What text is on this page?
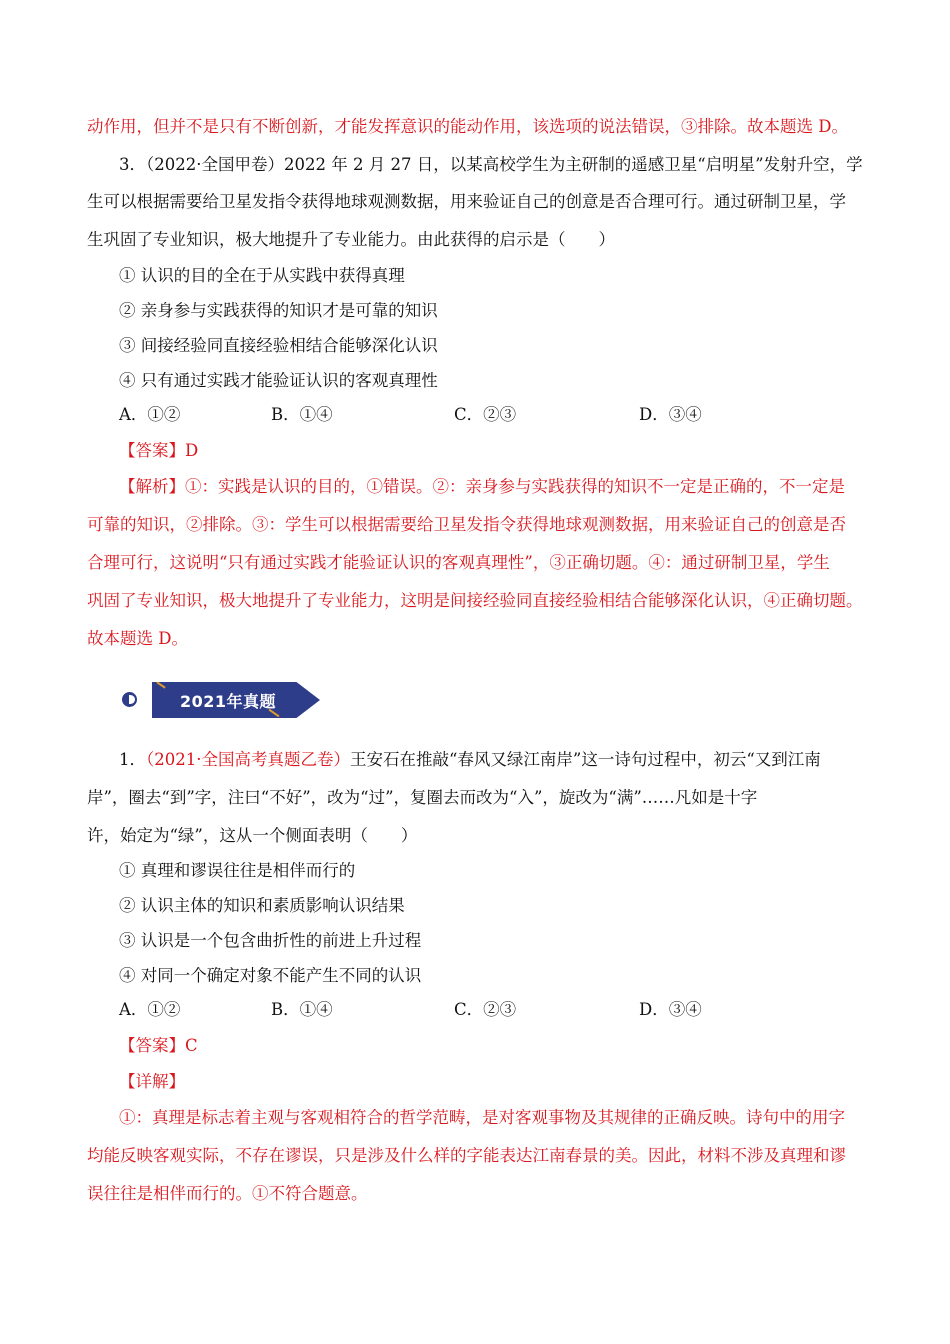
动作用，但并不是只有不断创新，才能发挥意识的能动作用，该选项的说法错误，③排除。故本题选 D。
3．（2022·全国甲卷）2022 年 2 月 27 日，以某高校学生为主研制的遥感卫星“启明星”发射升空，学
生可以根据需要给卫星发指令获得地球观测数据，用来验证自己的创意是否合理可行。通过研制卫星，学
生巩固了专业知识，极大地提升了专业能力。由此获得的启示是（　　）
① 认识的目的全在于从实践中获得真理
② 亲身参与实践获得的知识才是可靠的知识
③ 间接经验同直接经验相结合能够深化认识
④ 只有通过实践才能验证认识的客观真理性
A．①②	B．①④	C．②③	D．③④
【答案】D
【解析】①：实践是认识的目的，①错误。②：亲身参与实践获得的知识不一定是正确的，不一定是
可靠的知识，②排除。③：学生可以根据需要给卫星发指令获得地球观测数据，用来验证自己的创意是否
合理可行，这说明“只有通过实践才能验证认识的客观真理性”，③正确切题。④：通过研制卫星，学生
巩固了专业知识，极大地提升了专业能力，这明是间接经验同直接经验相结合能够深化认识，④正确切题。
故本题选 D。
2021年真题
1．（2021·全国高考真题乙卷）王安石在推敲“春风又绿江南岸”这一诗句过程中，初云“又到江南
岸”，圈去“到”字，注曰“不好”，改为“过”，复圈去而改为“入”，旋改为“满”……凡如是十字
许，始定为“绿”，这从一个侧面表明（　　）
① 真理和谬误往往是相伴而行的
② 认识主体的知识和素质影响认识结果
③ 认识是一个包含曲折性的前进上升过程
④ 对同一个确定对象不能产生不同的认识
A．①②	B．①④	C．②③	D．③④
【答案】C
【详解】
①：真理是标志着主观与客观相符合的哲学范畴，是对客观事物及其规律的正确反映。诗句中的用字
均能反映客观实际，不存在谬误，只是涉及什么样的字能表达江南春景的美。因此，材料不涉及真理和谬
误往往是相伴而行的。①不符合题意。
